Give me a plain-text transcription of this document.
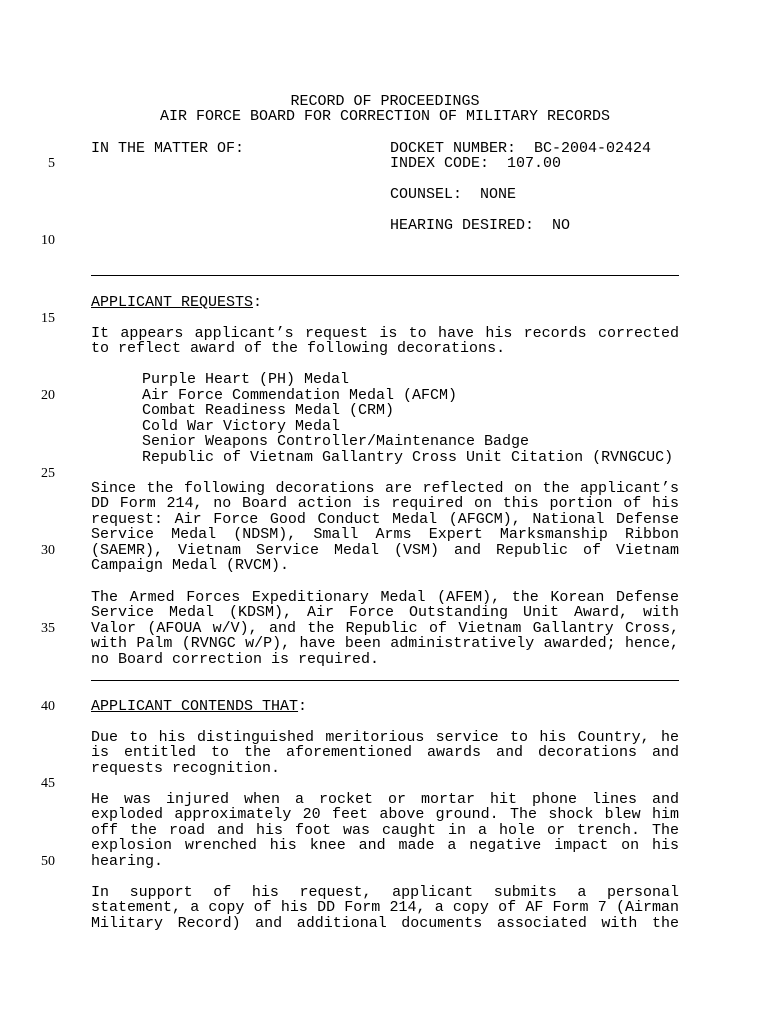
RECORD OF PROCEEDINGS
AIR FORCE BOARD FOR CORRECTION OF MILITARY RECORDS
IN THE MATTER OF:	DOCKET NUMBER:  BC-2004-02424
INDEX CODE:  107.00
COUNSEL:  NONE
HEARING DESIRED:  NO
5
10
15
20
25
30
35
40
45
50
APPLICANT REQUESTS:
It appears applicant’s request is to have his records corrected
to reflect award of the following decorations.
Purple Heart (PH) Medal
Air Force Commendation Medal (AFCM)
Combat Readiness Medal (CRM)
Cold War Victory Medal
Senior Weapons Controller/Maintenance Badge
Republic of Vietnam Gallantry Cross Unit Citation (RVNGCUC)
Since the following decorations are reflected on the applicant’s
DD Form 214, no Board action is required on this portion of his
request: Air Force Good Conduct Medal (AFGCM), National Defense
Service Medal (NDSM), Small Arms Expert Marksmanship Ribbon
(SAEMR), Vietnam Service Medal (VSM) and Republic of Vietnam
Campaign Medal (RVCM).
The Armed Forces Expeditionary Medal (AFEM), the Korean Defense
Service Medal (KDSM), Air Force Outstanding Unit Award, with
Valor (AFOUA w/V), and the Republic of Vietnam Gallantry Cross,
with Palm (RVNGC w/P), have been administratively awarded; hence,
no Board correction is required.
APPLICANT CONTENDS THAT:
Due to his distinguished meritorious service to his Country, he
is entitled to the aforementioned awards and decorations and
requests recognition.
He was injured when a rocket or mortar hit phone lines and
exploded approximately 20 feet above ground. The shock blew him
off the road and his foot was caught in a hole or trench. The
explosion wrenched his knee and made a negative impact on his
hearing.
In support of his request, applicant submits a personal
statement, a copy of his DD Form 214, a copy of AF Form 7 (Airman
Military Record) and additional documents associated with the
